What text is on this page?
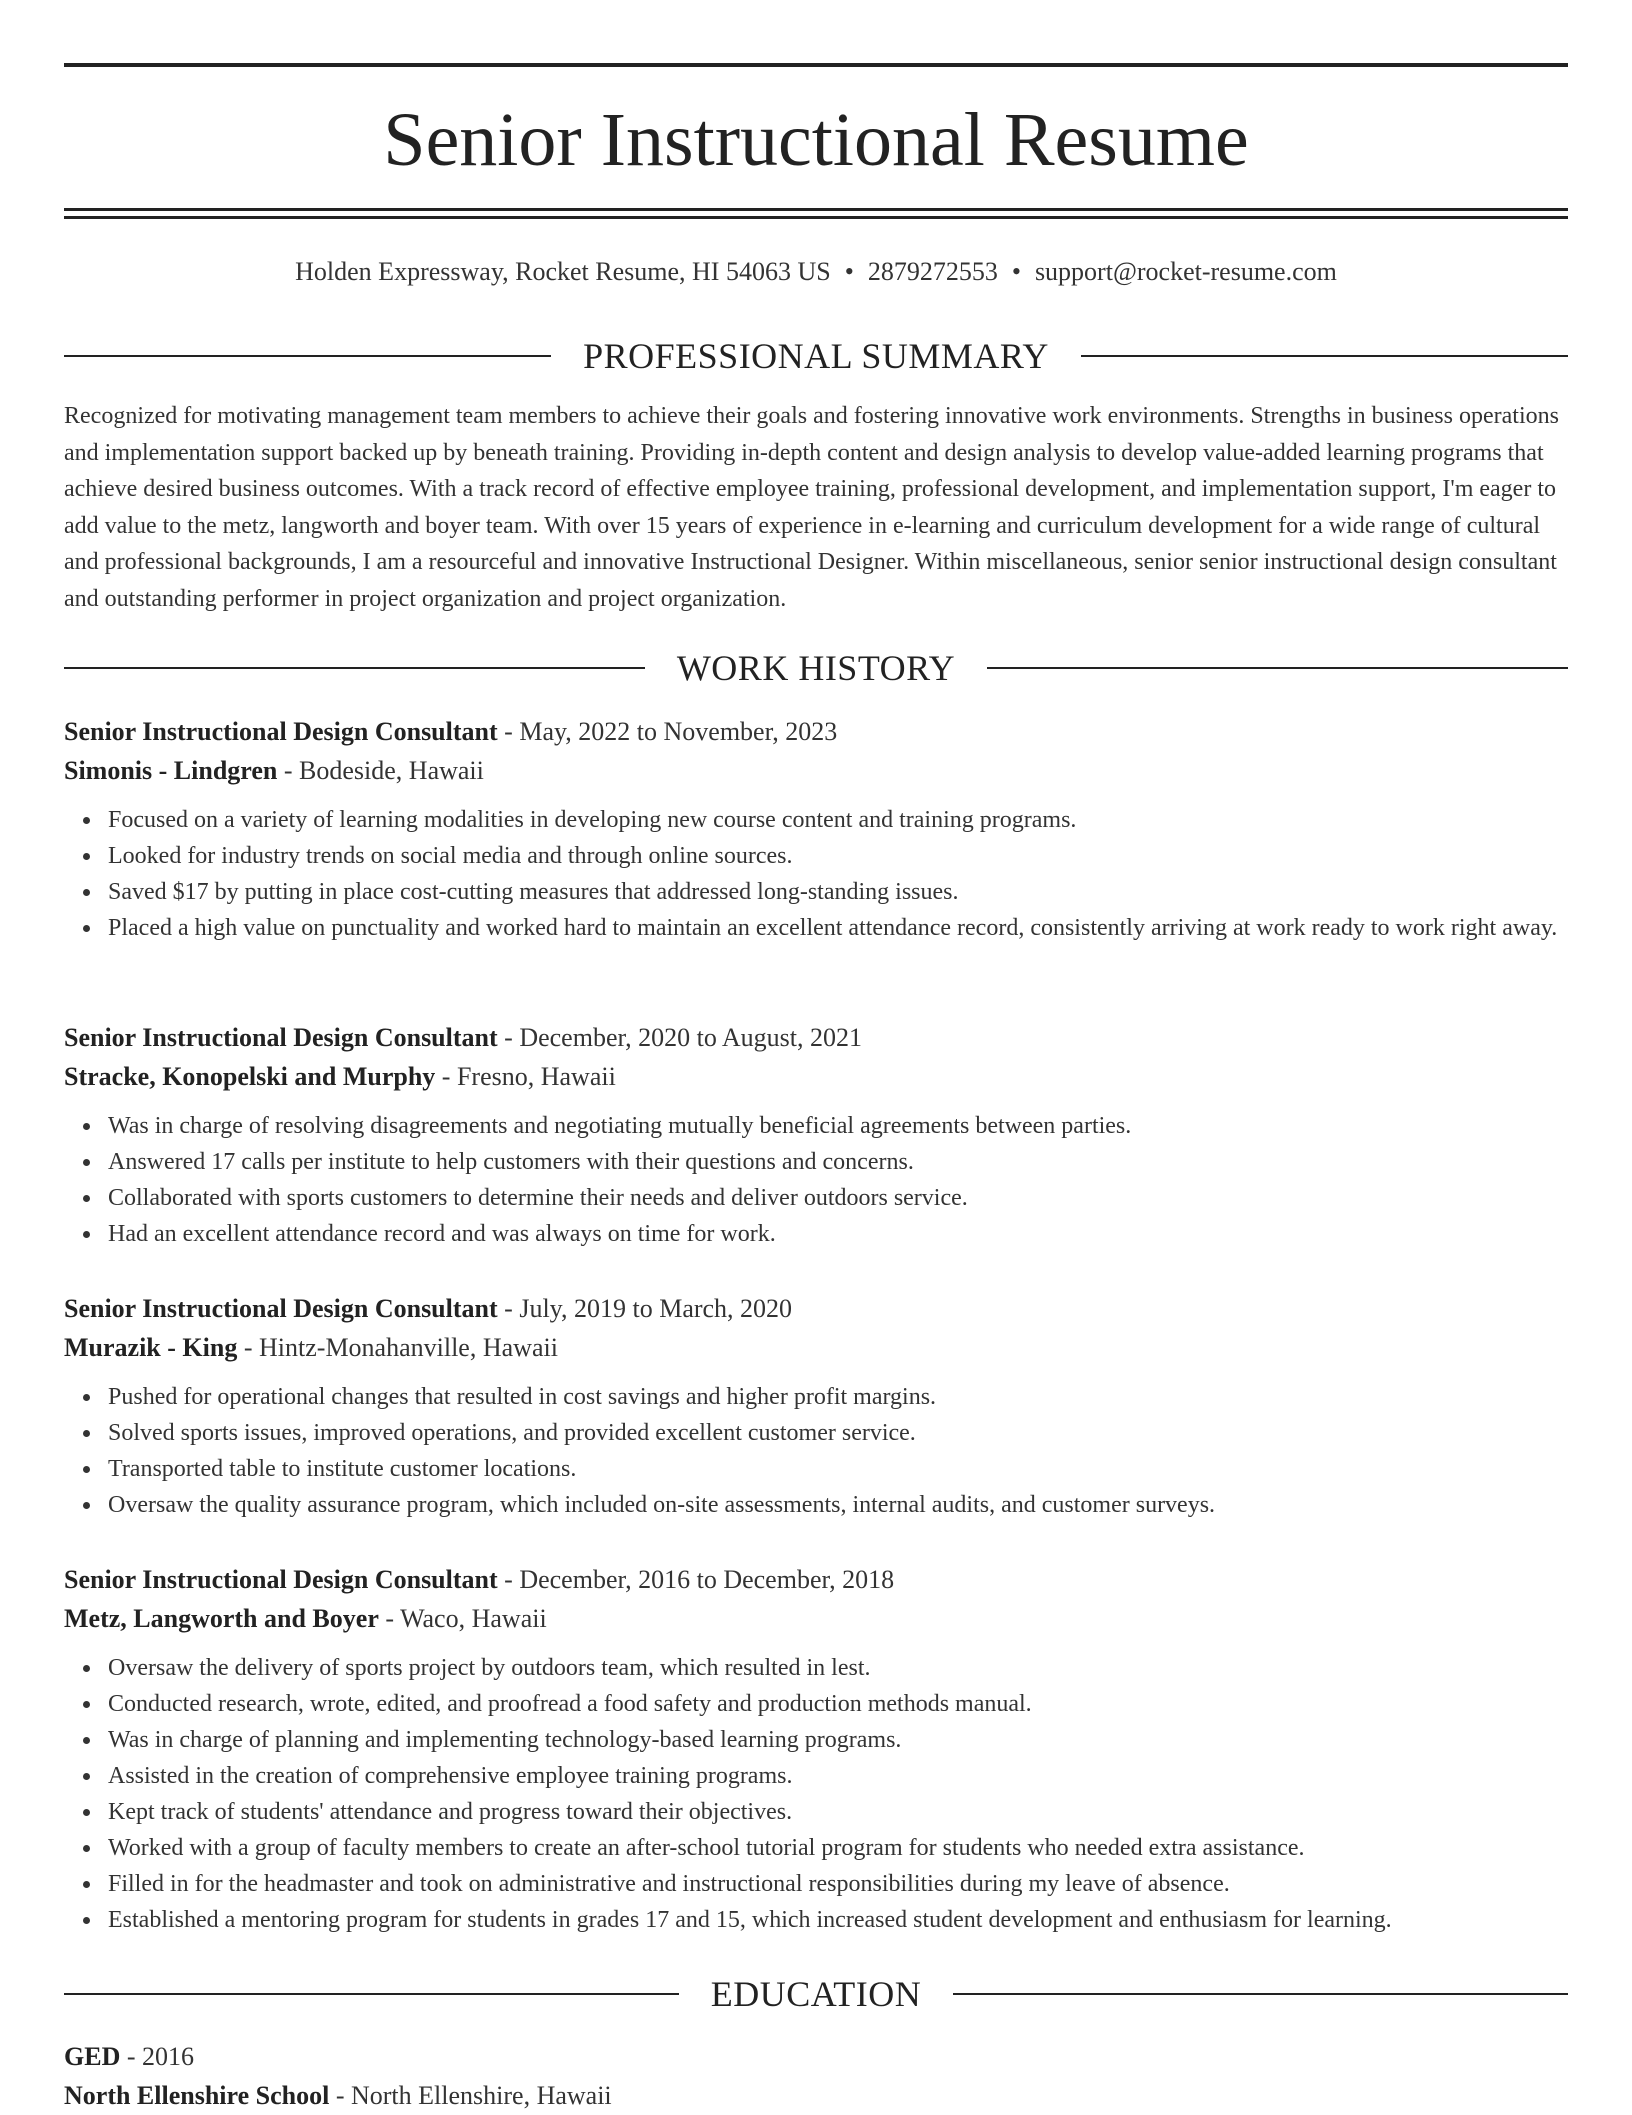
Senior Instructional Resume
Holden Expressway, Rocket Resume, HI 54063 US • 2879272553 • support@rocket-resume.com
PROFESSIONAL SUMMARY

Recognized for motivating management team members to achieve their goals and fostering innovative work environments. Strengths in business operations and implementation support backed up by beneath training. Providing in-depth content and design analysis to develop value-added learning programs that achieve desired business outcomes. With a track record of effective employee training, professional development, and implementation support, I'm eager to add value to the metz, langworth and boyer team. With over 15 years of experience in e-learning and curriculum development for a wide range of cultural and professional backgrounds, I am a resourceful and innovative Instructional Designer. Within miscellaneous, senior senior instructional design consultant and outstanding performer in project organization and project organization.

WORK HISTORY
Senior Instructional Design Consultant - May, 2022 to November, 2023
Simonis - Lindgren - Bodeside, Hawaii
Focused on a variety of learning modalities in developing new course content and training programs.
Looked for industry trends on social media and through online sources.
Saved $17 by putting in place cost-cutting measures that addressed long-standing issues.
Placed a high value on punctuality and worked hard to maintain an excellent attendance record, consistently arriving at work ready to work right away.
Senior Instructional Design Consultant - December, 2020 to August, 2021
Stracke, Konopelski and Murphy - Fresno, Hawaii
Was in charge of resolving disagreements and negotiating mutually beneficial agreements between parties.
Answered 17 calls per institute to help customers with their questions and concerns.
Collaborated with sports customers to determine their needs and deliver outdoors service.
Had an excellent attendance record and was always on time for work.
Senior Instructional Design Consultant - July, 2019 to March, 2020
Murazik - King - Hintz-Monahanville, Hawaii
Pushed for operational changes that resulted in cost savings and higher profit margins.
Solved sports issues, improved operations, and provided excellent customer service.
Transported table to institute customer locations.
Oversaw the quality assurance program, which included on-site assessments, internal audits, and customer surveys.
Senior Instructional Design Consultant - December, 2016 to December, 2018
Metz, Langworth and Boyer - Waco, Hawaii
Oversaw the delivery of sports project by outdoors team, which resulted in lest.
Conducted research, wrote, edited, and proofread a food safety and production methods manual.
Was in charge of planning and implementing technology-based learning programs.
Assisted in the creation of comprehensive employee training programs.
Kept track of students' attendance and progress toward their objectives.
Worked with a group of faculty members to create an after-school tutorial program for students who needed extra assistance.
Filled in for the headmaster and took on administrative and instructional responsibilities during my leave of absence.
Established a mentoring program for students in grades 17 and 15, which increased student development and enthusiasm for learning.
EDUCATION
GED - 2016
North Ellenshire School - North Ellenshire, Hawaii
